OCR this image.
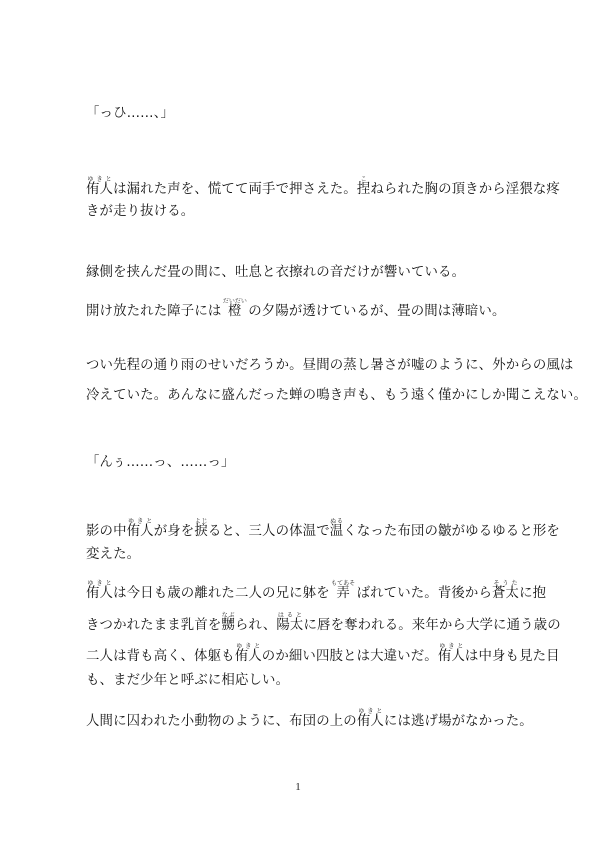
「っひ……、」
侑人ゆきとは漏れた声を、慌てて両手で押さえた。捏こねられた胸の頂きから淫猥な疼
きが走り抜ける。
縁側を挟んだ畳の間に、吐息と衣擦れの音だけが響いている。
開け放たれた障子には 橙だいだい の夕陽が透けているが、畳の間は薄暗い。
つい先程の通り雨のせいだろうか。昼間の蒸し暑さが嘘のように、外からの風は
冷えていた。あんなに盛んだった蝉の鳴き声も、もう遠く僅かにしか聞こえない。
「んぅ……っ、……っ」
影の中侑人ゆきとが身を捩よじると、三人の体温で温ぬるくなった布団の皺がゆるゆると形を
変えた。
侑人ゆきとは今日も歳の離れた二人の兄に躰を 弄もてあそ ばれていた。背後から蒼太そうたに抱
きつかれたまま乳首を嬲なぶられ、陽太はるとに唇を奪われる。来年から大学に通う歳の
二人は背も高く、体躯も侑人ゆきとのか細い四肢とは大違いだ。侑人ゆきとは中身も見た目
も、まだ少年と呼ぶに相応しい。
人間に囚われた小動物のように、布団の上の侑人ゆきとには逃げ場がなかった。
1
